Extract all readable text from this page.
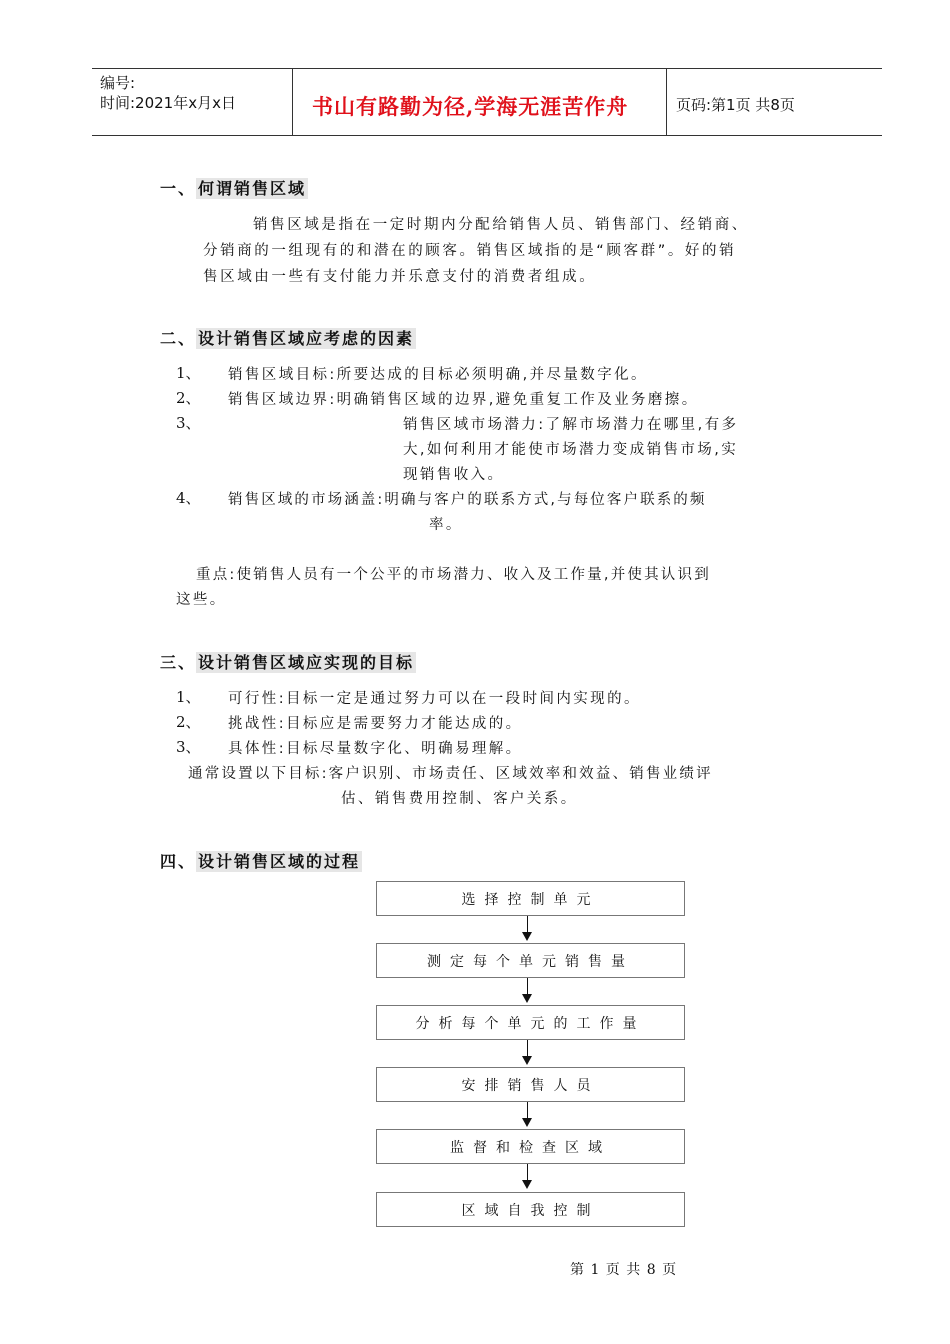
编号:
时间:2021年x月x日	书山有路勤为径,学海无涯苦作舟	页码:第1页 共8页
一、 何谓销售区域
销售区域是指在一定时期内分配给销售人员、销售部门、经销商、
分销商的一组现有的和潜在的顾客。销售区域指的是“顾客群”。好的销
售区域由一些有支付能力并乐意支付的消费者组成。
二、 设计销售区域应考虑的因素
1、 销售区域目标:所要达成的目标必须明确,并尽量数字化。
2、 销售区域边界:明确销售区域的边界,避免重复工作及业务磨擦。
3、	销售区域市场潜力:了解市场潜力在哪里,有多
大,如何利用才能使市场潜力变成销售市场,实
现销售收入。
4、 销售区域的市场涵盖:明确与客户的联系方式,与每位客户联系的频
率。
重点:使销售人员有一个公平的市场潜力、收入及工作量,并使其认识到
这些。
三、 设计销售区域应实现的目标
1、 可行性:目标一定是通过努力可以在一段时间内实现的。
2、 挑战性:目标应是需要努力才能达成的。
3、 具体性:目标尽量数字化、明确易理解。
通常设置以下目标:客户识别、市场责任、区域效率和效益、销售业绩评
估、销售费用控制、客户关系。
四、 设计销售区域的过程
选择控制单元
测定每个单元销售量
分析每个单元的工作量
安排销售人员
监督和检查区域
区域自我控制
第 1 页 共 8 页
